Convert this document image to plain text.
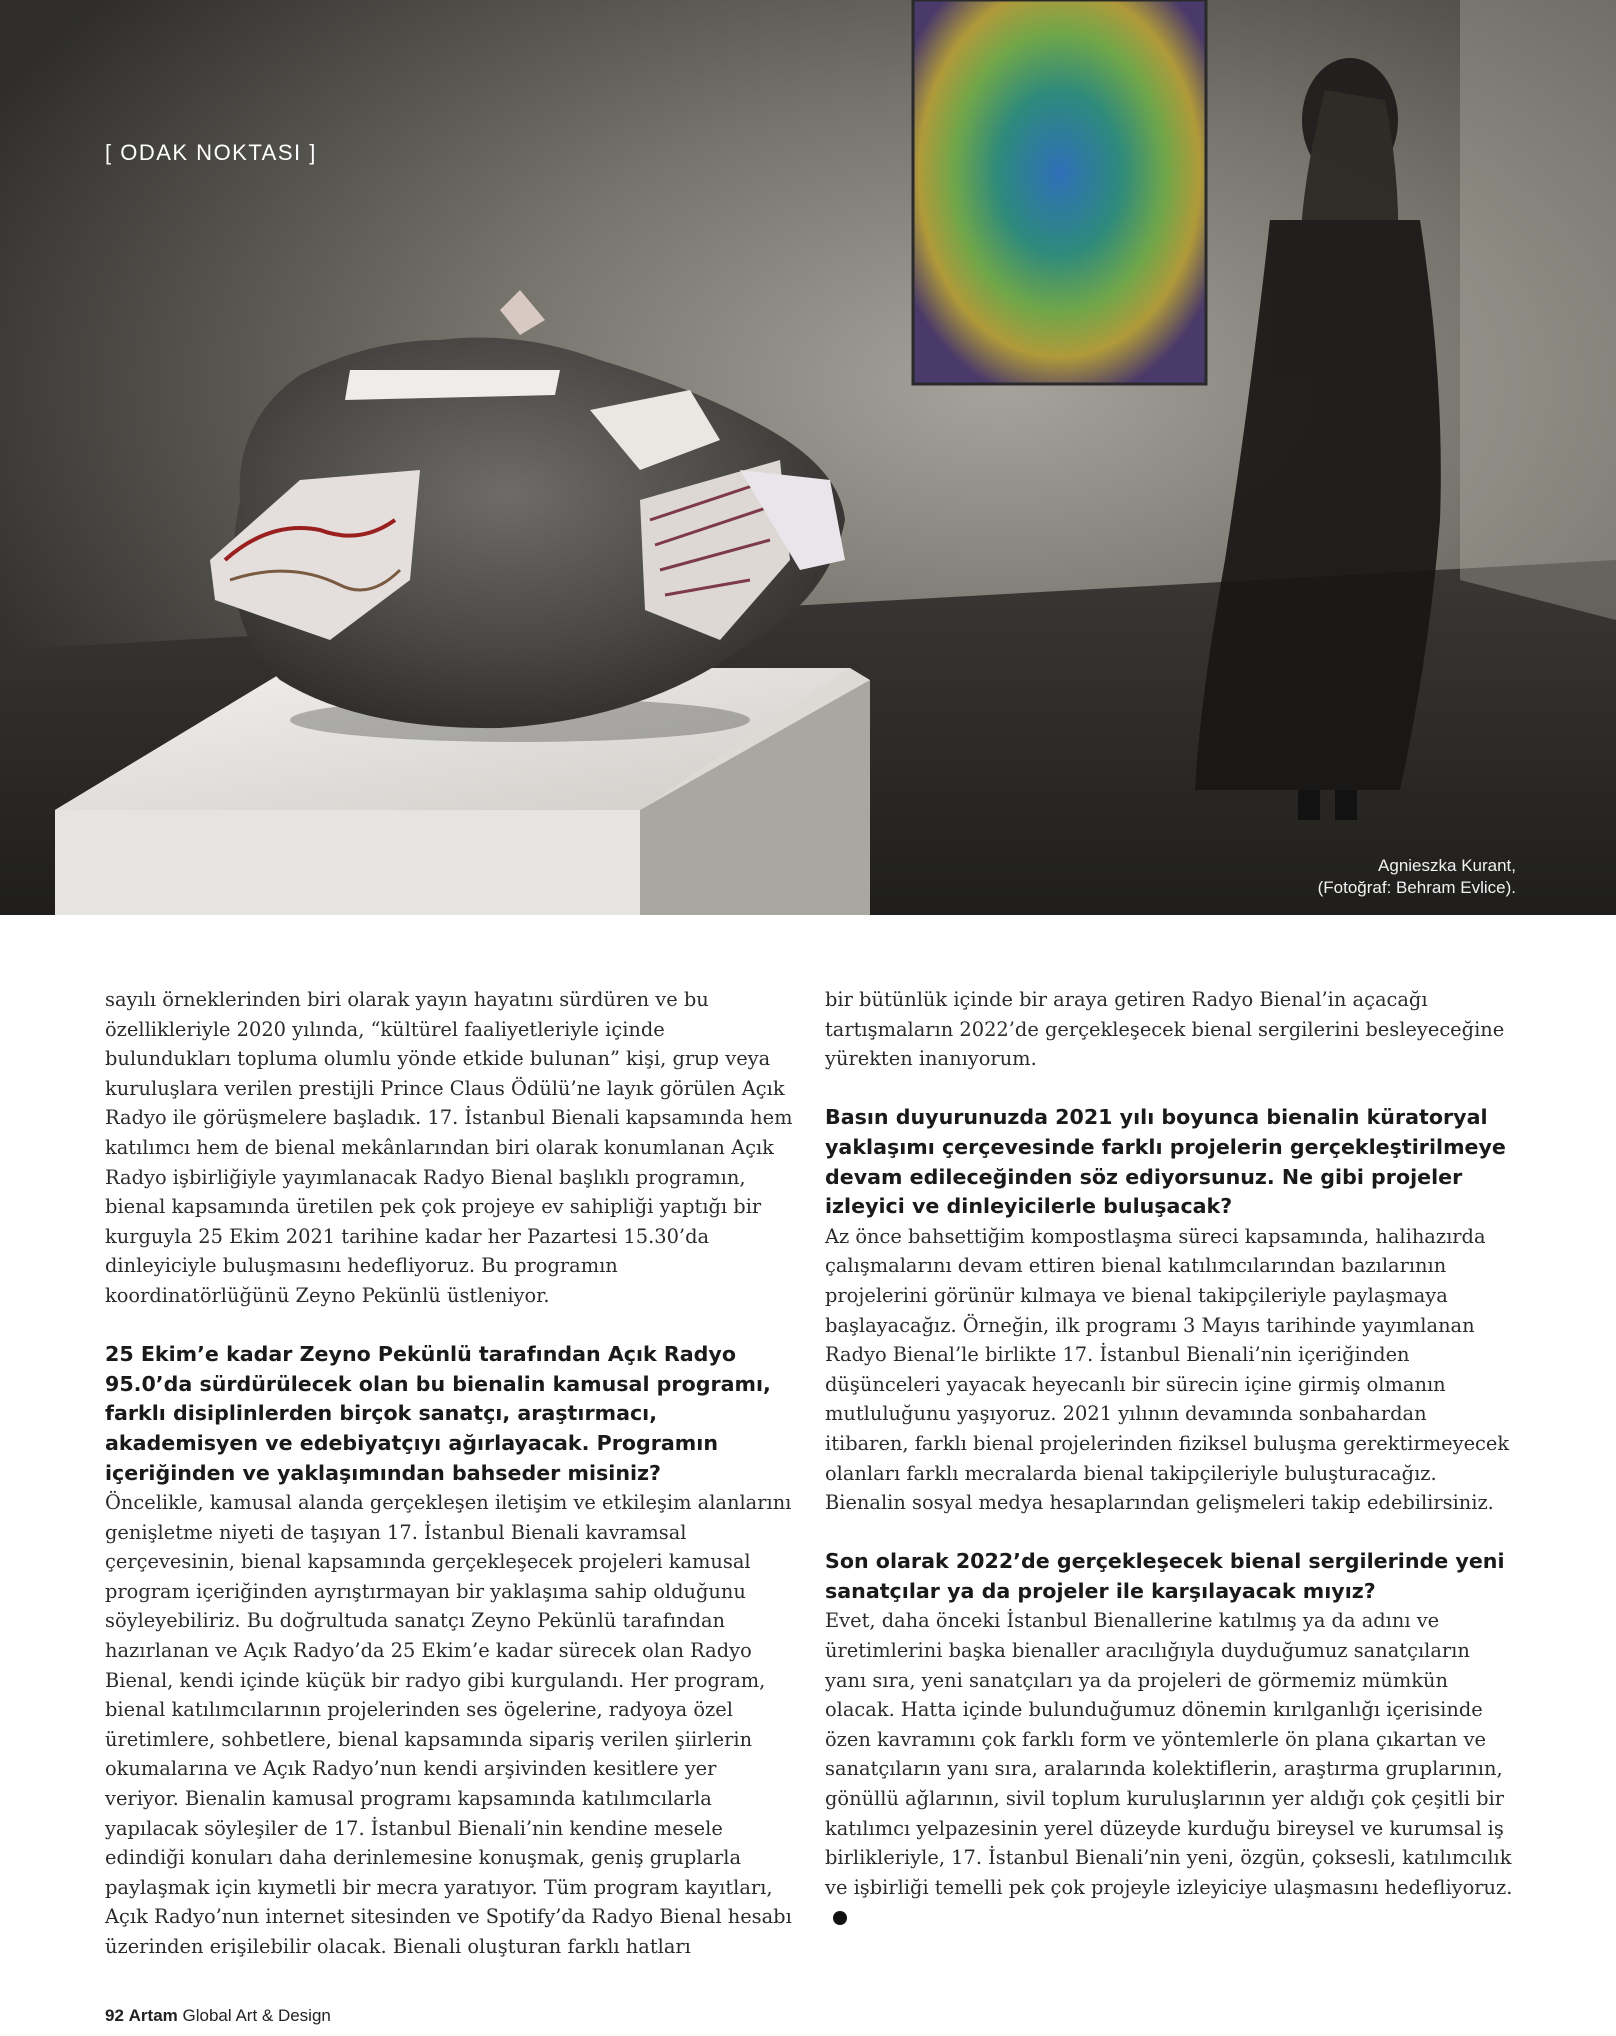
[ ODAK NOKTASI ]
Agnieszka Kurant,
(Fotoğraf: Behram Evlice).

sayılı örneklerinden biri olarak yayın hayatını sürdüren ve bu özellikleriyle 2020 yılında, “kültürel faaliyetleriyle içinde bulundukları topluma olumlu yönde etkide bulunan” kişi, grup veya kuruluşlara verilen prestijli Prince Claus Ödülü’ne layık görülen Açık Radyo ile görüşmelere başladık. 17. İstanbul Bienali kapsamında hem katılımcı hem de bienal mekânlarından biri olarak konumlanan Açık Radyo işbirliğiyle yayımlanacak Radyo Bienal başlıklı programın, bienal kapsamında üretilen pek çok projeye ev sahipliği yaptığı bir kurguyla 25 Ekim 2021 tarihine kadar her Pazartesi 15.30’da dinleyiciyle buluşmasını hedefliyoruz. Bu programın koordinatörlüğünü Zeyno Pekünlü üstleniyor.

25 Ekim’e kadar Zeyno Pekünlü tarafından Açık Radyo 95.0’da sürdürülecek olan bu bienalin kamusal programı, farklı disiplinlerden birçok sanatçı, araştırmacı, akademisyen ve edebiyatçıyı ağırlayacak. Programın içeriğinden ve yaklaşımından bahseder misiniz?

Öncelikle, kamusal alanda gerçekleşen iletişim ve etkileşim alanlarını genişletme niyeti de taşıyan 17. İstanbul Bienali kavramsal çerçevesinin, bienal kapsamında gerçekleşecek projeleri kamusal program içeriğinden ayrıştırmayan bir yaklaşıma sahip olduğunu söyleyebiliriz. Bu doğrultuda sanatçı Zeyno Pekünlü tarafından hazırlanan ve Açık Radyo’da 25 Ekim’e kadar sürecek olan Radyo Bienal, kendi içinde küçük bir radyo gibi kurgulandı. Her program, bienal katılımcılarının projelerinden ses ögelerine, radyoya özel üretimlere, sohbetlere, bienal kapsamında sipariş verilen şiirlerin okumalarına ve Açık Radyo’nun kendi arşivinden kesitlere yer veriyor. Bienalin kamusal programı kapsamında katılımcılarla yapılacak söyleşiler de 17. İstanbul Bienali’nin kendine mesele edindiği konuları daha derinlemesine konuşmak, geniş gruplarla paylaşmak için kıymetli bir mecra yaratıyor. Tüm program kayıtları, Açık Radyo’nun internet sitesinden ve Spotify’da Radyo Bienal hesabı üzerinden erişilebilir olacak. Bienali oluşturan farklı hatları

bir bütünlük içinde bir araya getiren Radyo Bienal’in açacağı tartışmaların 2022’de gerçekleşecek bienal sergilerini besleyeceğine yürekten inanıyorum.

Basın duyurunuzda 2021 yılı boyunca bienalin küratoryal yaklaşımı çerçevesinde farklı projelerin gerçekleştirilmeye devam edileceğinden söz ediyorsunuz. Ne gibi projeler izleyici ve dinleyicilerle buluşacak?

Az önce bahsettiğim kompostlaşma süreci kapsamında, halihazırda çalışmalarını devam ettiren bienal katılımcılarından bazılarının projelerini görünür kılmaya ve bienal takipçileriyle paylaşmaya başlayacağız. Örneğin, ilk programı 3 Mayıs tarihinde yayımlanan Radyo Bienal’le birlikte 17. İstanbul Bienali’nin içeriğinden düşünceleri yayacak heyecanlı bir sürecin içine girmiş olmanın mutluluğunu yaşıyoruz. 2021 yılının devamında sonbahardan itibaren, farklı bienal projelerinden fiziksel buluşma gerektirmeyecek olanları farklı mecralarda bienal takipçileriyle buluşturacağız. Bienalin sosyal medya hesaplarından gelişmeleri takip edebilirsiniz.

Son olarak 2022’de gerçekleşecek bienal sergilerinde yeni sanatçılar ya da projeler ile karşılayacak mıyız?

Evet, daha önceki İstanbul Bienallerine katılmış ya da adını ve üretimlerini başka bienaller aracılığıyla duyduğumuz sanatçıların yanı sıra, yeni sanatçıları ya da projeleri de görmemiz mümkün olacak. Hatta içinde bulunduğumuz dönemin kırılganlığı içerisinde özen kavramını çok farklı form ve yöntemlerle ön plana çıkartan ve sanatçıların yanı sıra, aralarında kolektiflerin, araştırma gruplarının, gönüllü ağlarının, sivil toplum kuruluşlarının yer aldığı çok çeşitli bir katılımcı yelpazesinin yerel düzeyde kurduğu bireysel ve kurumsal iş birlikleriyle, 17. İstanbul Bienali’nin yeni, özgün, çoksesli, katılımcılık ve işbirliği temelli pek çok projeyle izleyiciye ulaşmasını hedefliyoruz.

92 Artam Global Art & Design
